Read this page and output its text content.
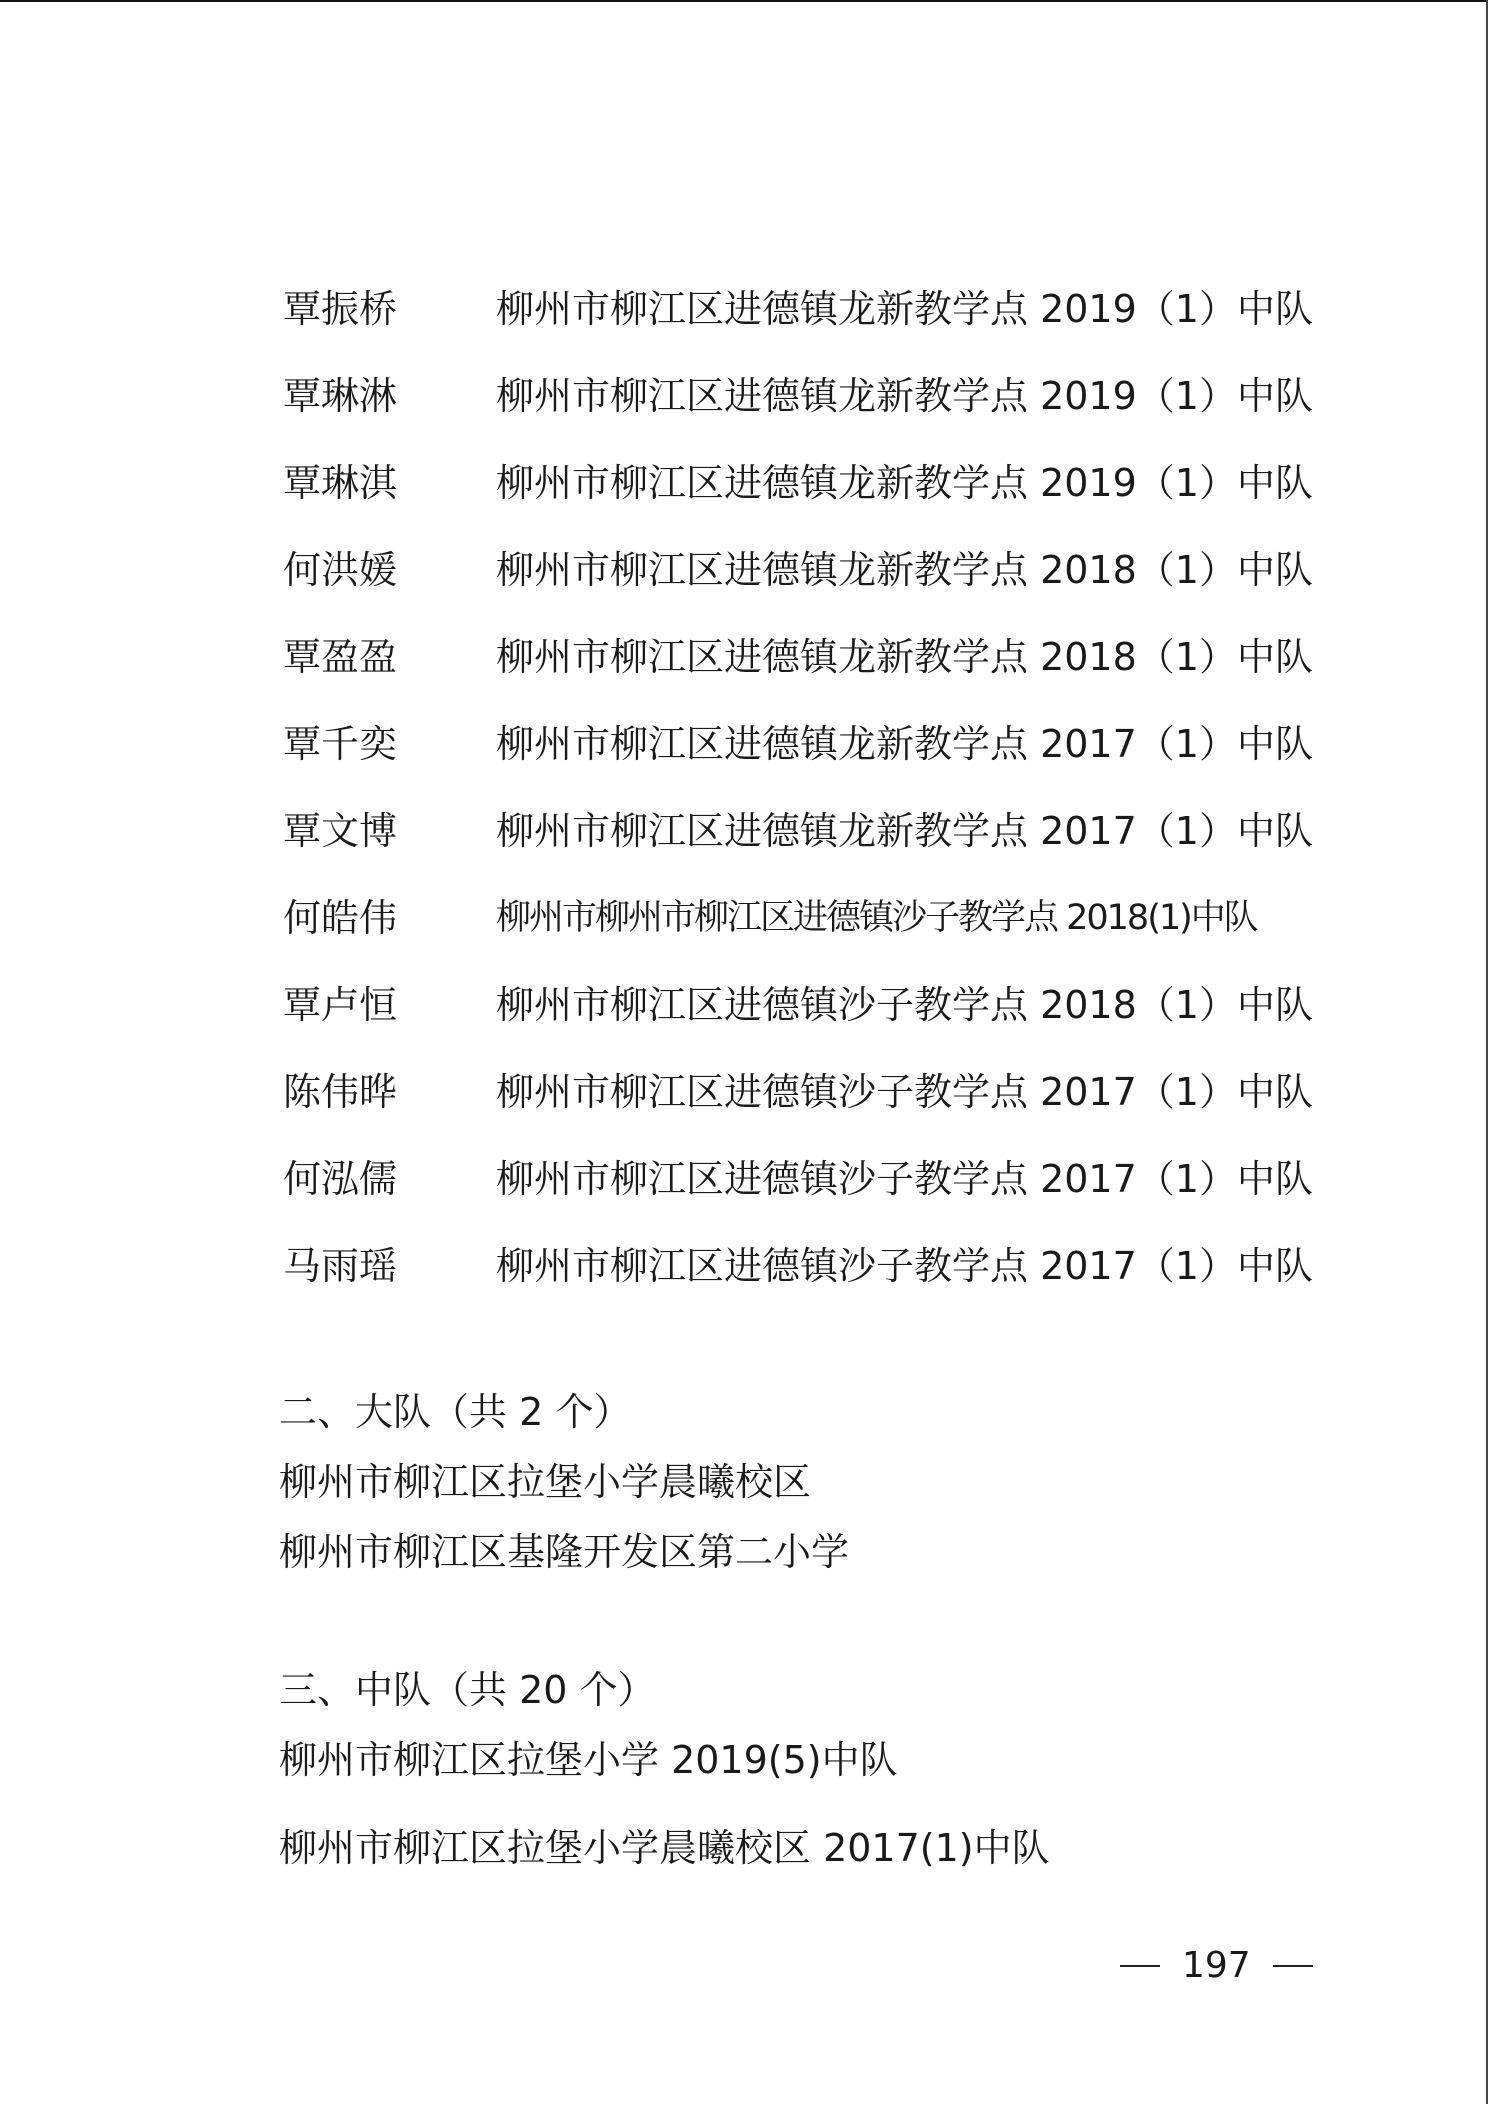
覃振桥	柳州市柳江区进德镇龙新教学点 2019（1）中队
覃琳淋	柳州市柳江区进德镇龙新教学点 2019（1）中队
覃琳淇	柳州市柳江区进德镇龙新教学点 2019（1）中队
何洪媛	柳州市柳江区进德镇龙新教学点 2018（1）中队
覃盈盈	柳州市柳江区进德镇龙新教学点 2018（1）中队
覃千奕	柳州市柳江区进德镇龙新教学点 2017（1）中队
覃文博	柳州市柳江区进德镇龙新教学点 2017（1）中队
何皓伟	柳州市柳州市柳江区进德镇沙子教学点 2018(1)中队
覃卢恒	柳州市柳江区进德镇沙子教学点 2018（1）中队
陈伟晔	柳州市柳江区进德镇沙子教学点 2017（1）中队
何泓儒	柳州市柳江区进德镇沙子教学点 2017（1）中队
马雨瑶	柳州市柳江区进德镇沙子教学点 2017（1）中队
二、大队（共 2 个）
柳州市柳江区拉堡小学晨曦校区
柳州市柳江区基隆开发区第二小学
三、中队（共 20 个）
柳州市柳江区拉堡小学 2019(5)中队
柳州市柳江区拉堡小学晨曦校区 2017(1)中队
197
